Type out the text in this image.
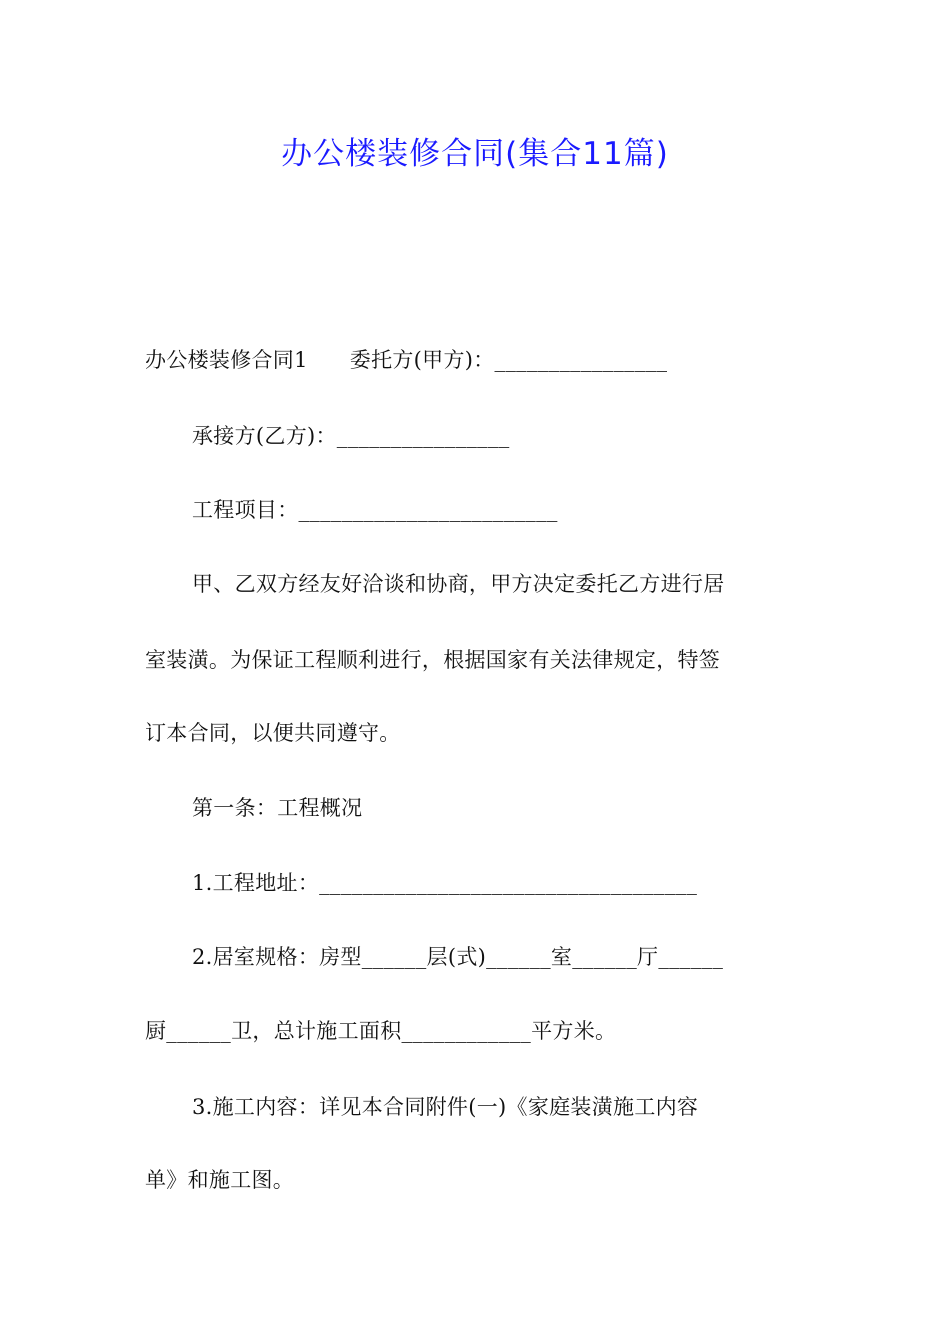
办公楼装修合同(集合11篇)
办公楼装修合同1 委托方(甲方)：________________
承接方(乙方)：________________
工程项目：________________________
甲、乙双方经友好洽谈和协商，甲方决定委托乙方进行居
室装潢。为保证工程顺利进行，根据国家有关法律规定，特签
订本合同，以便共同遵守。
第一条：工程概况
1.工程地址：___________________________________
2.居室规格：房型______层(式)______室______厅______
厨______卫，总计施工面积____________平方米。
3.施工内容：详见本合同附件(一)《家庭装潢施工内容
单》和施工图。
